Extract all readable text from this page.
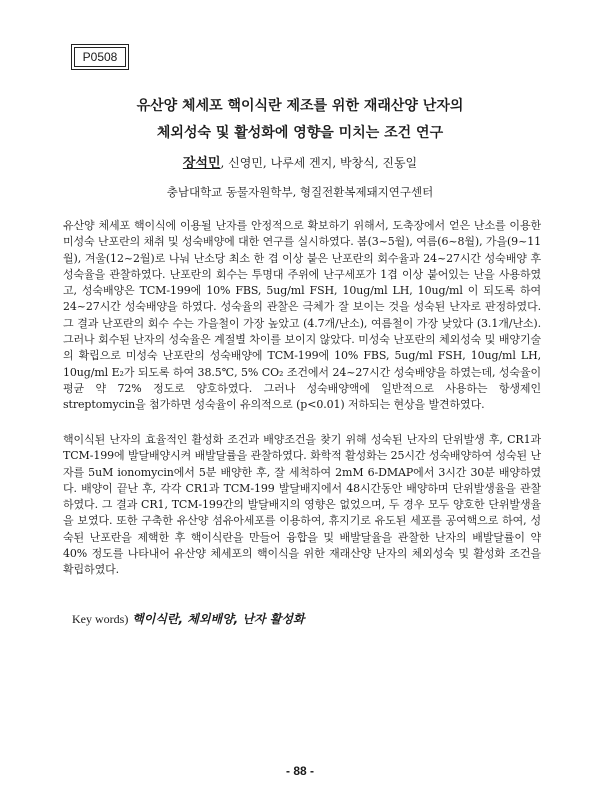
P0508
유산양 체세포 핵이식란 제조를 위한 재래산양 난자의
체외성숙 및 활성화에 영향을 미치는 조건 연구
장석민, 신영민, 나루세 겐지, 박창식, 진동일
충남대학교 동물자원학부, 형질전환복제돼지연구센터

유산양 체세포 핵이식에 이용될 난자를 안정적으로 확보하기 위해서, 도축장에서 얻은 난소를 이용한 미성숙 난포란의 채취 및 성숙배양에 대한 연구를 실시하였다. 봄(3~5월), 여름(6~8월), 가을(9~11월), 겨울(12~2월)로 나눠 난소당 최소 한 겹 이상 붙은 난포란의 회수율과 24~27시간 성숙배양 후 성숙율을 관찰하였다. 난포란의 회수는 투명대 주위에 난구세포가 1겹 이상 붙어있는 난을 사용하였고, 성숙배양은 TCM-199에 10% FBS, 5ug/ml FSH, 10ug/ml LH, 10ug/ml 이 되도록 하여 24~27시간 성숙배양을 하였다. 성숙율의 관찰은 극체가 잘 보이는 것을 성숙된 난자로 판정하였다. 그 결과 난포란의 회수 수는 가을철이 가장 높았고 (4.7개/난소), 여름철이 가장 낮았다 (3.1개/난소). 그러나 회수된 난자의 성숙율은 계절별 차이를 보이지 않았다. 미성숙 난포란의 체외성숙 및 배양기술의 확립으로 미성숙 난포란의 성숙배양에 TCM-199에 10% FBS, 5ug/ml FSH, 10ug/ml LH, 10ug/ml E₂가 되도록 하여 38.5℃, 5% CO₂ 조건에서 24~27시간 성숙배양을 하였는데, 성숙율이 평균 약 72% 정도로 양호하였다. 그러나 성숙배양액에 일반적으로 사용하는 항생제인 streptomycin을 첨가하면 성숙율이 유의적으로 (p<0.01) 저하되는 현상을 발견하였다.

핵이식된 난자의 효율적인 활성화 조건과 배양조건을 찾기 위해 성숙된 난자의 단위발생 후, CR1과 TCM-199에 발달배양시켜 배발달률을 관찰하였다. 화학적 활성화는 25시간 성숙배양하여 성숙된 난자를 5uM ionomycin에서 5분 배양한 후, 잘 세척하여 2mM 6-DMAP에서 3시간 30분 배양하였다. 배양이 끝난 후, 각각 CR1과 TCM-199 발달배지에서 48시간동안 배양하며 단위발생율을 관찰하였다. 그 결과 CR1, TCM-199간의 발달배지의 영향은 없었으며, 두 경우 모두 양호한 단위발생율을 보였다. 또한 구축한 유산양 섬유아세포를 이용하여, 휴지기로 유도된 세포를 공여핵으로 하여, 성숙된 난포란을 제핵한 후 핵이식란을 만들어 융합을 및 배발달율을 관찰한 난자의 배발달률이 약 40% 정도를 나타내어 유산양 체세포의 핵이식을 위한 재래산양 난자의 체외성숙 및 활성화 조건을 확립하였다.

Key words) 핵이식란, 체외배양, 난자 활성화
- 88 -
